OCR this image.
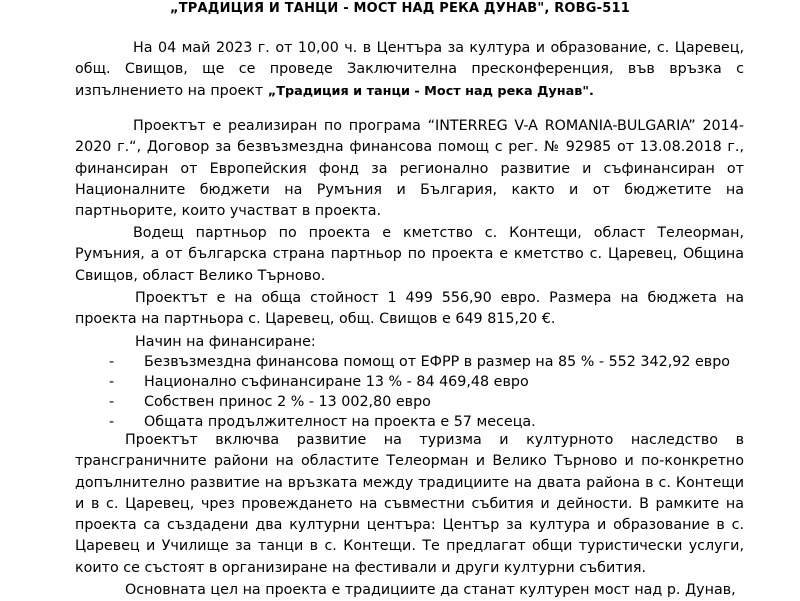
„ТРАДИЦИЯ И ТАНЦИ - МОСТ НАД РЕКА ДУНАВ", ROBG-511

На 04 май 2023 г. от 10,00 ч. в Центъра за култура и образование, с. Царевец, общ. Свищов, ще се проведе Заключителна пресконференция, във връзка с изпълнението на проект „Традиция и танци - Мост над река Дунав".

Проектът е реализиран по програма “INTERREG V-A ROMANIA-BULGARIA” 2014-2020 г.“, Договор за безвъзмездна финансова помощ с рег. № 92985 от 13.08.2018 г., финансиран от Европейския фонд за регионално развитие и съфинансиран от Националните бюджети на Румъния и България, както и от бюджетите на партньорите, които участват в проекта.

Водещ партньор по проекта е кметство с. Контещи, област Телеорман, Румъния, а от българска страна партньор по проекта е кметство с. Царевец, Община Свищов, област Велико Търново.

Проектът е на обща стойност 1 499 556,90 евро. Размера на бюджета на проекта на партньора с. Царевец, общ. Свищов е 649 815,20 €.

Начин на финансиране:

- Безвъзмездна финансова помощ от ЕФРР в размер на 85 % - 552 342,92 евро
- Национално съфинансиране 13 % - 84 469,48 евро
- Собствен принос 2 % - 13 002,80 евро
- Общата продължителност на проекта е 57 месеца.

Проектът включва развитие на туризма и културното наследство в трансграничните райони на областите Телеорман и Велико Търново и по-конкретно допълнително развитие на връзката между традициите на двата района в с. Контещи и в с. Царевец, чрез провеждането на съвместни събития и дейности. В рамките на проекта са създадени два културни центъра: Център за култура и образование в с. Царевец и Училище за танци в с. Контещи. Те предлагат общи туристически услуги, които се състоят в организиране на фестивали и други културни събития.

Основната цел на проекта е традициите да станат културен мост над р. Дунав,
